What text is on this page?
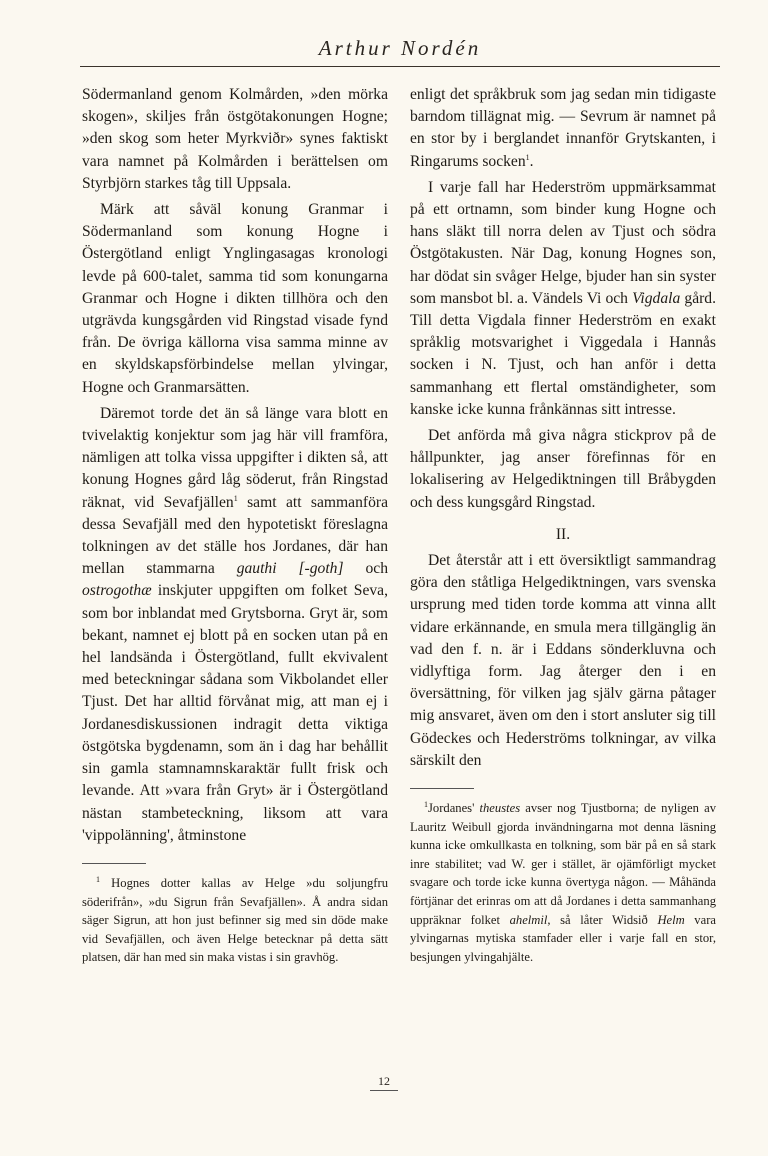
Arthur Nordén

Södermanland genom Kolmården, »den mörka skogen», skiljes från östgötakonungen Hogne; »den skog som heter Myrkviðr» synes faktiskt vara namnet på Kolmården i berättelsen om Styrbjörn starkes tåg till Uppsala.

Märk att såväl konung Granmar i Södermanland som konung Hogne i Östergötland enligt Ynglingasagas kronologi levde på 600-talet, samma tid som konungarna Granmar och Hogne i dikten tillhöra och den utgrävda kungsgården vid Ringstad visade fynd från. De övriga källorna visa samma minne av en skyldskapsförbindelse mellan ylvingar, Hogne och Granmarsätten.

Däremot torde det än så länge vara blott en tvivelaktig konjektur som jag här vill framföra, nämligen att tolka vissa uppgifter i dikten så, att konung Hognes gård låg söderut, från Ringstad räknat, vid Sevafjällen$^1$ samt att sammanföra dessa Sevafjäll med den hypotetiskt föreslagna tolkningen av det ställe hos Jordanes, där han mellan stammarna gauthi [-goth] och ostrogothæ inskjuter uppgiften om folket Seva, som bor inblandat med Grytsborna. Gryt är, som bekant, namnet ej blott på en socken utan på en hel landsända i Östergötland, fullt ekvivalent med beteckningar sådana som Vikbolandet eller Tjust. Det har alltid förvånat mig, att man ej i Jordanesdiskussionen indragit detta viktiga östgötska bygdenamn, som än i dag har behållit sin gamla stamnamnskaraktär fullt frisk och levande. Att »vara från Gryt» är i Östergötland nästan stambeteckning, liksom att vara 'vippolänning', åtminstone

$^1$ Hognes dotter kallas av Helge »du soljungfru söderifrån», »du Sigrun från Sevafjällen». Å andra sidan säger Sigrun, att hon just befinner sig med sin döde make vid Sevafjällen, och även Helge betecknar på detta sätt platsen, där han med sin maka vistas i sin gravhög.

enligt det språkbruk som jag sedan min tidigaste barndom tillägnat mig. — Sevrum är namnet på en stor by i berglandet innanför Grytskanten, i Ringarums socken$^1$.

I varje fall har Hederström uppmärksammat på ett ortnamn, som binder kung Hogne och hans släkt till norra delen av Tjust och södra Östgötakusten. När Dag, konung Hognes son, har dödat sin svåger Helge, bjuder han sin syster som mansbot bl. a. Vändels Vi och Vigdala gård. Till detta Vigdala finner Hederström en exakt språklig motsvarighet i Viggedala i Hannås socken i N. Tjust, och han anför i detta sammanhang ett flertal omständigheter, som kanske icke kunna frånkännas sitt intresse.

Det anförda må giva några stickprov på de hållpunkter, jag anser förefinnas för en lokalisering av Helgediktningen till Bråbygden och dess kungsgård Ringstad.

II.

Det återstår att i ett översiktligt sammandrag göra den ståtliga Helgediktningen, vars svenska ursprung med tiden torde komma att vinna allt vidare erkännande, en smula mera tillgänglig än vad den f. n. är i Eddans sönderkluvna och vidlyftiga form. Jag återger den i en översättning, för vilken jag själv gärna påtager mig ansvaret, även om den i stort ansluter sig till Gödeckes och Hederströms tolkningar, av vilka särskilt den

$^1$Jordanes' theustes avser nog Tjustborna; de nyligen av Lauritz Weibull gjorda invändningarna mot denna läsning kunna icke omkullkasta en tolkning, som bär på en så stark inre stabilitet; vad W. ger i stället, är ojämförligt mycket svagare och torde icke kunna övertyga någon. — Måhända förtjänar det erinras om att då Jordanes i detta sammanhang uppräknar folket ahelmil, så låter Widsið Helm vara ylvingarnas mytiska stamfader eller i varje fall en stor, besjungen ylvingahjälte.

12
